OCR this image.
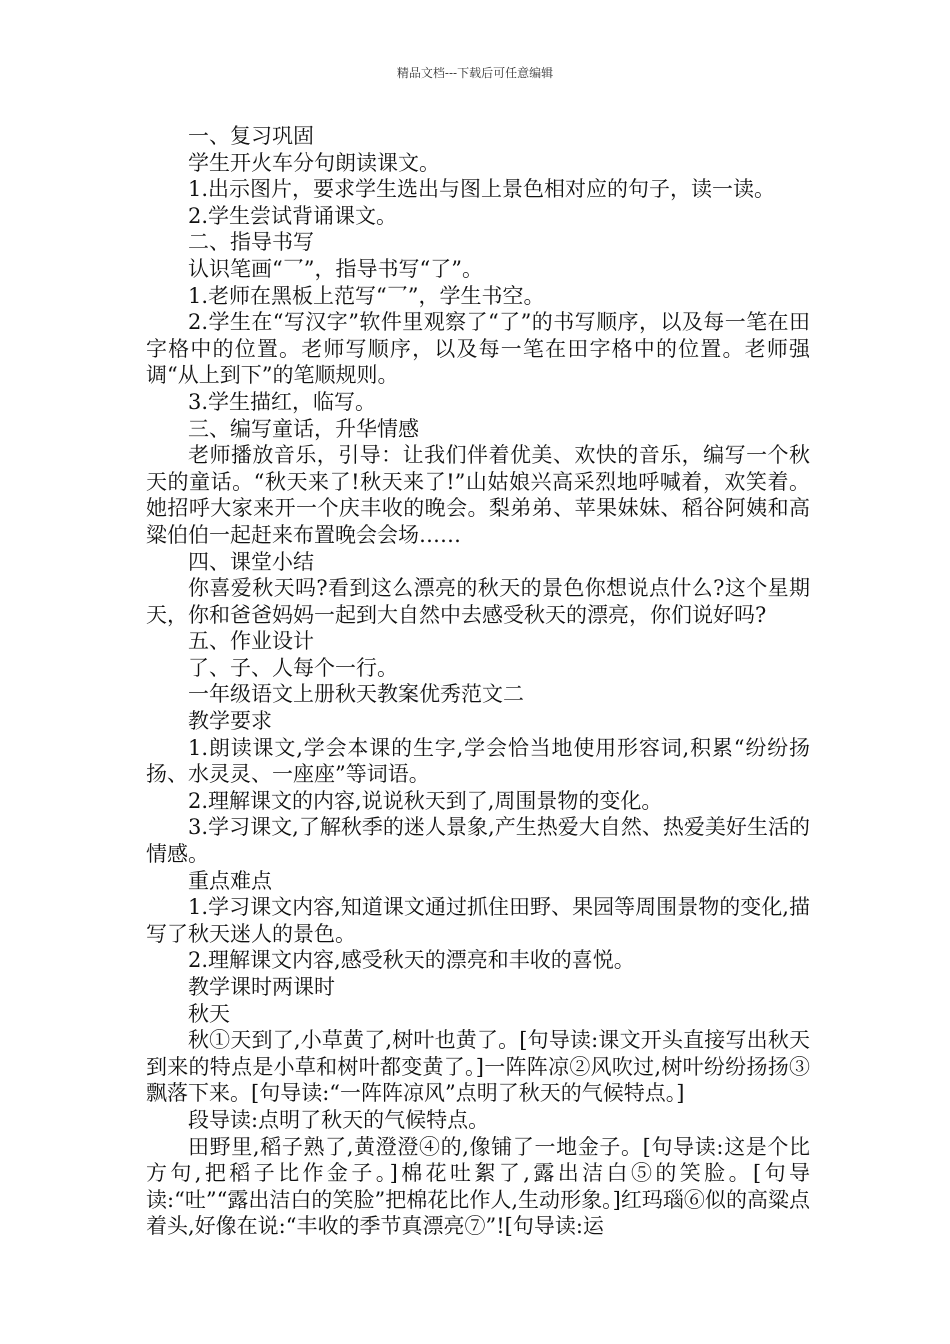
精品文档---下载后可任意编辑

一、复习巩固

学生开火车分句朗读课文。

1.出示图片，要求学生选出与图上景色相对应的句子，读一读。

2.学生尝试背诵课文。

二、指导书写

认识笔画“乛”，指导书写“了”。

1.老师在黑板上范写“乛”，学生书空。

2.学生在“写汉字”软件里观察了“了”的书写顺序，以及每一笔在田字格中的位置。老师写顺序，以及每一笔在田字格中的位置。老师强调“从上到下”的笔顺规则。

3.学生描红，临写。

三、编写童话，升华情感

老师播放音乐，引导：让我们伴着优美、欢快的音乐，编写一个秋天的童话。“秋天来了!秋天来了!”山姑娘兴高采烈地呼喊着，欢笑着。她招呼大家来开一个庆丰收的晚会。梨弟弟、苹果妹妹、稻谷阿姨和高粱伯伯一起赶来布置晚会会场……

四、课堂小结

你喜爱秋天吗?看到这么漂亮的秋天的景色你想说点什么?这个星期天，你和爸爸妈妈一起到大自然中去感受秋天的漂亮，你们说好吗?

五、作业设计

了、子、人每个一行。

一年级语文上册秋天教案优秀范文二

教学要求

1.朗读课文,学会本课的生字,学会恰当地使用形容词,积累“纷纷扬扬、水灵灵、一座座”等词语。

2.理解课文的内容,说说秋天到了,周围景物的变化。

3.学习课文,了解秋季的迷人景象,产生热爱大自然、热爱美好生活的情感。

重点难点

1.学习课文内容,知道课文通过抓住田野、果园等周围景物的变化,描写了秋天迷人的景色。

2.理解课文内容,感受秋天的漂亮和丰收的喜悦。

教学课时两课时

秋天

秋①天到了,小草黄了,树叶也黄了。[句导读:课文开头直接写出秋天到来的特点是小草和树叶都变黄了。]一阵阵凉②风吹过,树叶纷纷扬扬③飘落下来。[句导读:“一阵阵凉风”点明了秋天的气候特点。]

段导读:点明了秋天的气候特点。

田野里,稻子熟了,黄澄澄④的,像铺了一地金子。[句导读:这是个比方句,把稻子比作金子。]棉花吐絮了,露出洁白⑤的笑脸。[句导读:“吐”“露出洁白的笑脸”把棉花比作人,生动形象。]红玛瑙⑥似的高粱点着头,好像在说:“丰收的季节真漂亮⑦”![句导读:运
